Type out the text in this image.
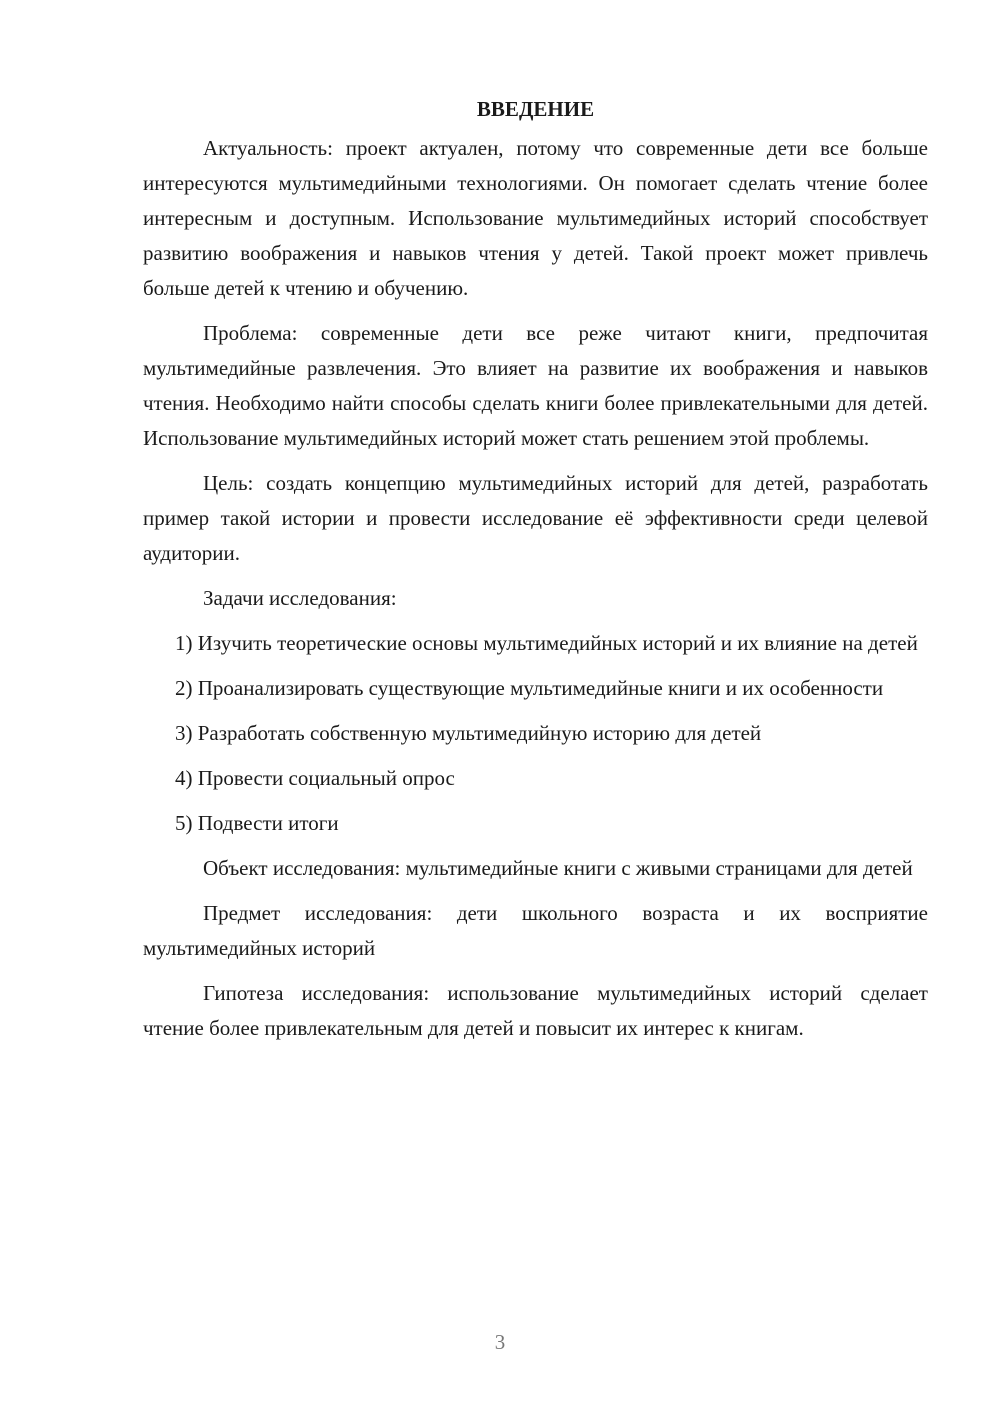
ВВЕДЕНИЕ

Актуальность: проект актуален, потому что современные дети все больше интересуются мультимедийными технологиями. Он помогает сделать чтение более интересным и доступным. Использование мультимедийных историй способствует развитию воображения и навыков чтения у детей. Такой проект может привлечь больше детей к чтению и обучению.

Проблема: современные дети все реже читают книги, предпочитая мультимедийные развлечения. Это влияет на развитие их воображения и навыков чтения. Необходимо найти способы сделать книги более привлекательными для детей. Использование мультимедийных историй может стать решением этой проблемы.

Цель: создать концепцию мультимедийных историй для детей, разработать пример такой истории и провести исследование её эффективности среди целевой аудитории.

Задачи исследования:

1) Изучить теоретические основы мультимедийных историй и их влияние на детей

2) Проанализировать существующие мультимедийные книги и их особенности

3) Разработать собственную мультимедийную историю для детей

4) Провести социальный опрос

5) Подвести итоги

Объект исследования: мультимедийные книги с живыми страницами для детей

Предмет исследования: дети школьного возраста и их восприятие мультимедийных историй

Гипотеза исследования: использование мультимедийных историй сделает чтение более привлекательным для детей и повысит их интерес к книгам.

3
